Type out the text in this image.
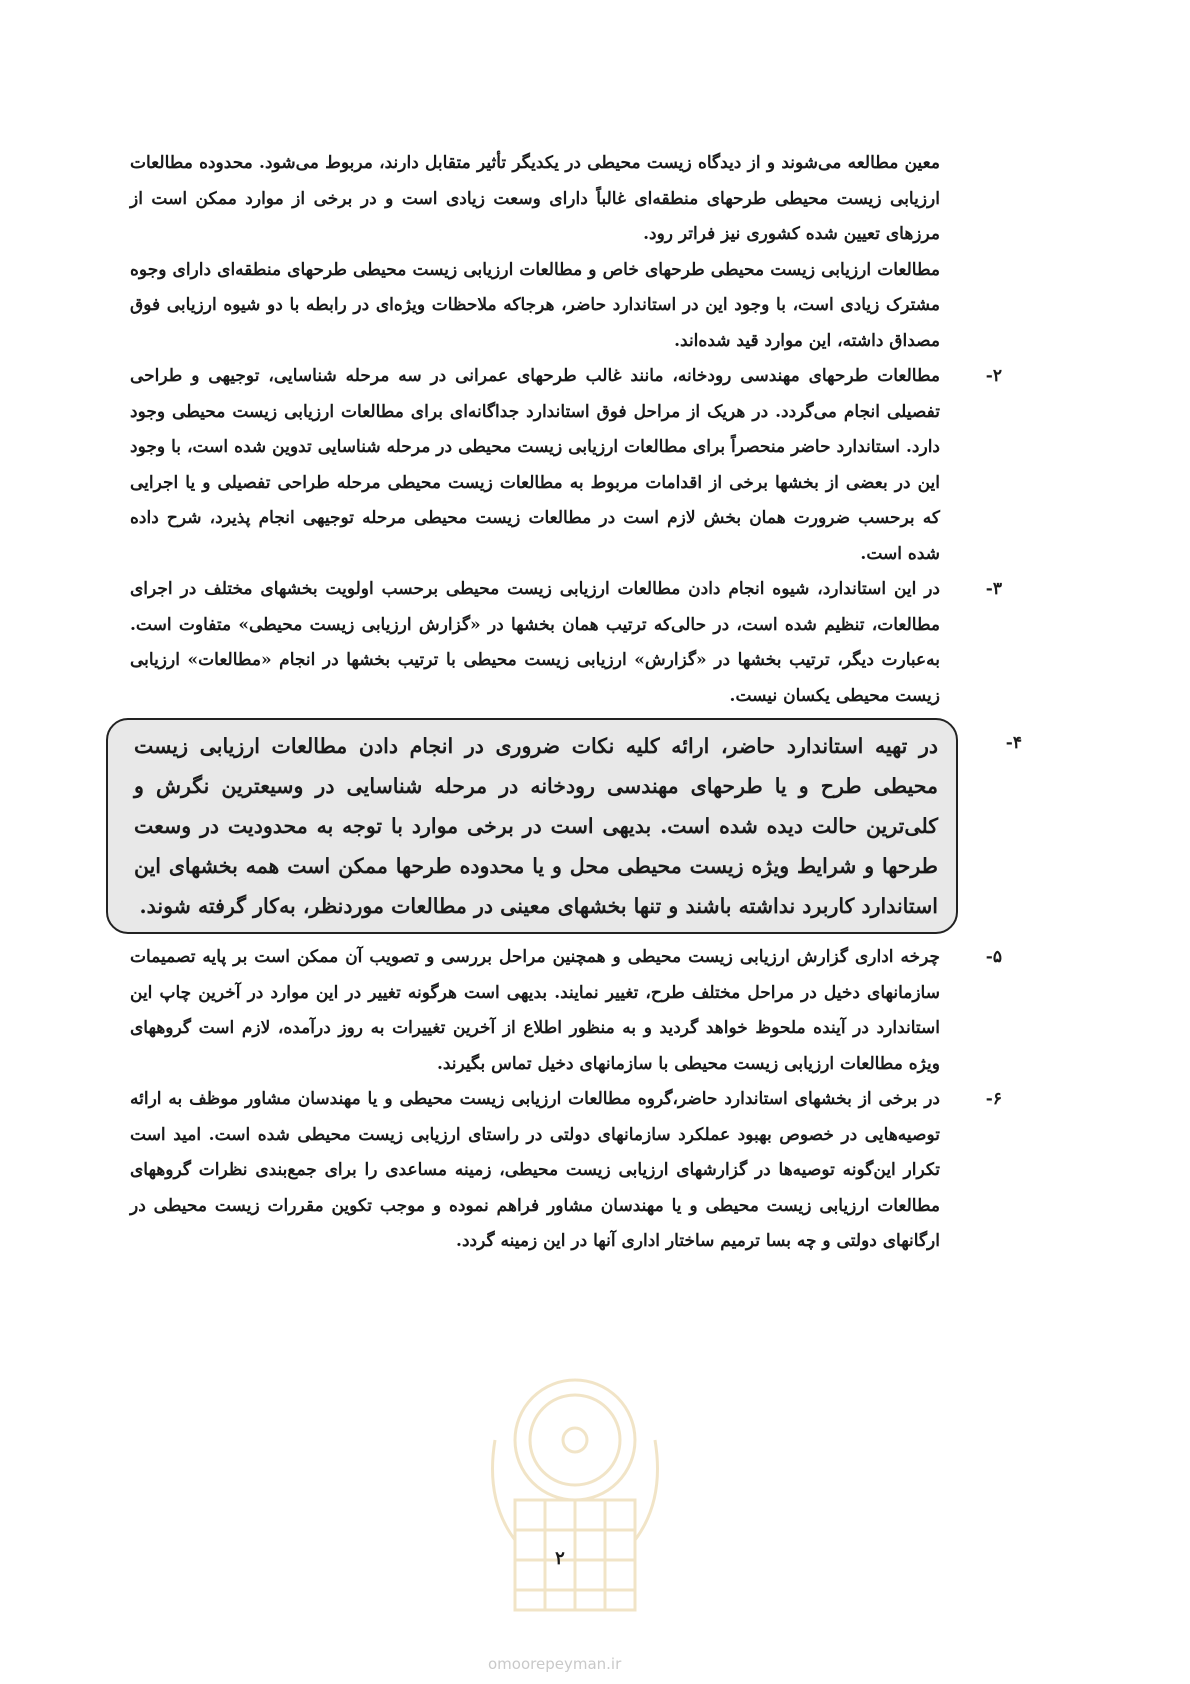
معین مطالعه می‌شوند و از دیدگاه زیست محیطی در یکدیگر تأثیر متقابل دارند، مربوط می‌شود. محدوده مطالعات ارزیابی زیست محیطی طرحهای منطقه‌ای غالباً دارای وسعت زیادی است و در برخی از موارد ممکن است از مرزهای تعیین شده کشوری نیز فراتر رود.

مطالعات ارزیابی زیست محیطی طرحهای خاص و مطالعات ارزیابی زیست محیطی طرحهای منطقه‌ای دارای وجوه مشترک زیادی است، با وجود این در استاندارد حاضر، هرجاکه ملاحظات ویژه‌ای در رابطه با دو شیوه ارزیابی فوق مصداق داشته، این موارد قید شده‌اند.

۲-

مطالعات طرحهای مهندسی رودخانه، مانند غالب طرحهای عمرانی در سه مرحله شناسایی، توجیهی و طراحی تفصیلی انجام می‌گردد. در هریک از مراحل فوق استاندارد جداگانه‌ای برای مطالعات ارزیابی زیست محیطی وجود دارد. استاندارد حاضر منحصراً برای مطالعات ارزیابی زیست محیطی در مرحله شناسایی تدوین شده است، با وجود این در بعضی از بخشها برخی از اقدامات مربوط به مطالعات زیست محیطی مرحله طراحی تفصیلی و یا اجرایی که برحسب ضرورت همان بخش لازم است در مطالعات زیست محیطی مرحله توجیهی انجام پذیرد، شرح داده شده است.

۳-

در این استاندارد، شیوه انجام دادن مطالعات ارزیابی زیست محیطی برحسب اولویت بخشهای مختلف در اجرای مطالعات، تنظیم شده است، در حالی‌که ترتیب همان بخشها در «گزارش ارزیابی زیست محیطی» متفاوت است. به‌عبارت دیگر، ترتیب بخشها در «گزارش» ارزیابی زیست محیطی با ترتیب بخشها در انجام «مطالعات» ارزیابی زیست محیطی یکسان نیست.

۴-

در تهیه استاندارد حاضر، ارائه کلیه نکات ضروری در انجام دادن مطالعات ارزیابی زیست محیطی طرح و یا طرحهای مهندسی رودخانه در مرحله شناسایی در وسیعترین نگرش و کلی‌ترین حالت دیده شده است. بدیهی است در برخی موارد با توجه به محدودیت در وسعت طرحها و شرایط ویژه زیست محیطی محل و یا محدوده طرحها ممکن است همه بخشهای این استاندارد کاربرد نداشته باشند و تنها بخشهای معینی در مطالعات موردنظر، به‌کار گرفته شوند.

۵-

چرخه اداری گزارش ارزیابی زیست محیطی و همچنین مراحل بررسی و تصویب آن ممکن است بر پایه تصمیمات سازمانهای دخیل در مراحل مختلف طرح، تغییر نمایند. بدیهی است هرگونه تغییر در این موارد در آخرین چاپ این استاندارد در آینده ملحوظ خواهد گردید و به منظور اطلاع از آخرین تغییرات به روز درآمده، لازم است گروههای ویژه مطالعات ارزیابی زیست محیطی با سازمانهای دخیل تماس بگیرند.

۶-

در برخی از بخشهای استاندارد حاضر،گروه مطالعات ارزیابی زیست محیطی و یا مهندسان مشاور موظف به ارائه توصیه‌هایی در خصوص بهبود عملکرد سازمانهای دولتی در راستای ارزیابی زیست محیطی شده است. امید است تکرار این‌گونه توصیه‌ها در گزارشهای ارزیابی زیست محیطی، زمینه مساعدی را برای جمع‌بندی نظرات گروههای مطالعات ارزیابی زیست محیطی و یا مهندسان مشاور فراهم نموده و موجب تکوین مقررات زیست محیطی در ارگانهای دولتی و چه بسا ترمیم ساختار اداری آنها در این زمینه گردد.

۲
omoorepeyman.ir
